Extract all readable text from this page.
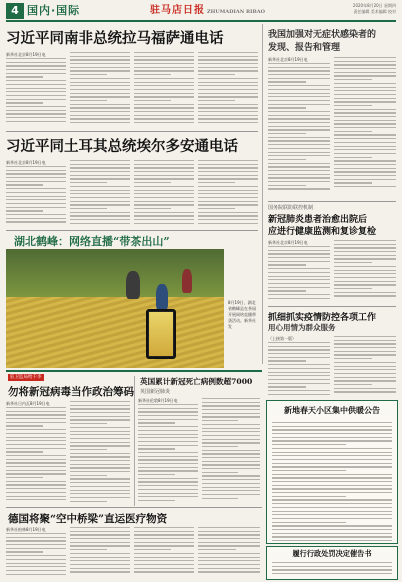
4 国内·国际	驻马店日报 ZHUMADIAN RIBAO
2020年8月20日 星期四
责任编辑 美术编辑 校对
习近平同南非总统拉马福萨通电话
新华社北京8月19日电
习近平同土耳其总统埃尔多安通电话
新华社北京8月19日电
湖北鹤峰：网络直播“带茶出山”
8月19日，湖北省鹤峰县在茶园开展网络直播带货活动。新华社发
我国加强对无症状感染者的
发现、报告和管理
新华社北京8月19日电
国务院联防联控机制
新冠肺炎患者治愈出院后
应进行健康监测和复诊复检
新华社北京8月19日电
抓细抓实疫情防控各项工作
用心用情为群众服务
（上接第一版）
新地春天小区集中供暖公告
驻卫监局给千李
勿将新冠病毒当作政治筹码
新华社日内瓦8月19日电
英国累计新冠死亡病例数超7000
英国新冠肺炎
新华社伦敦8月19日电
德国将聚“空中桥梁”直运医疗物资
新华社柏林8月19日电
履行行政处罚决定催告书
